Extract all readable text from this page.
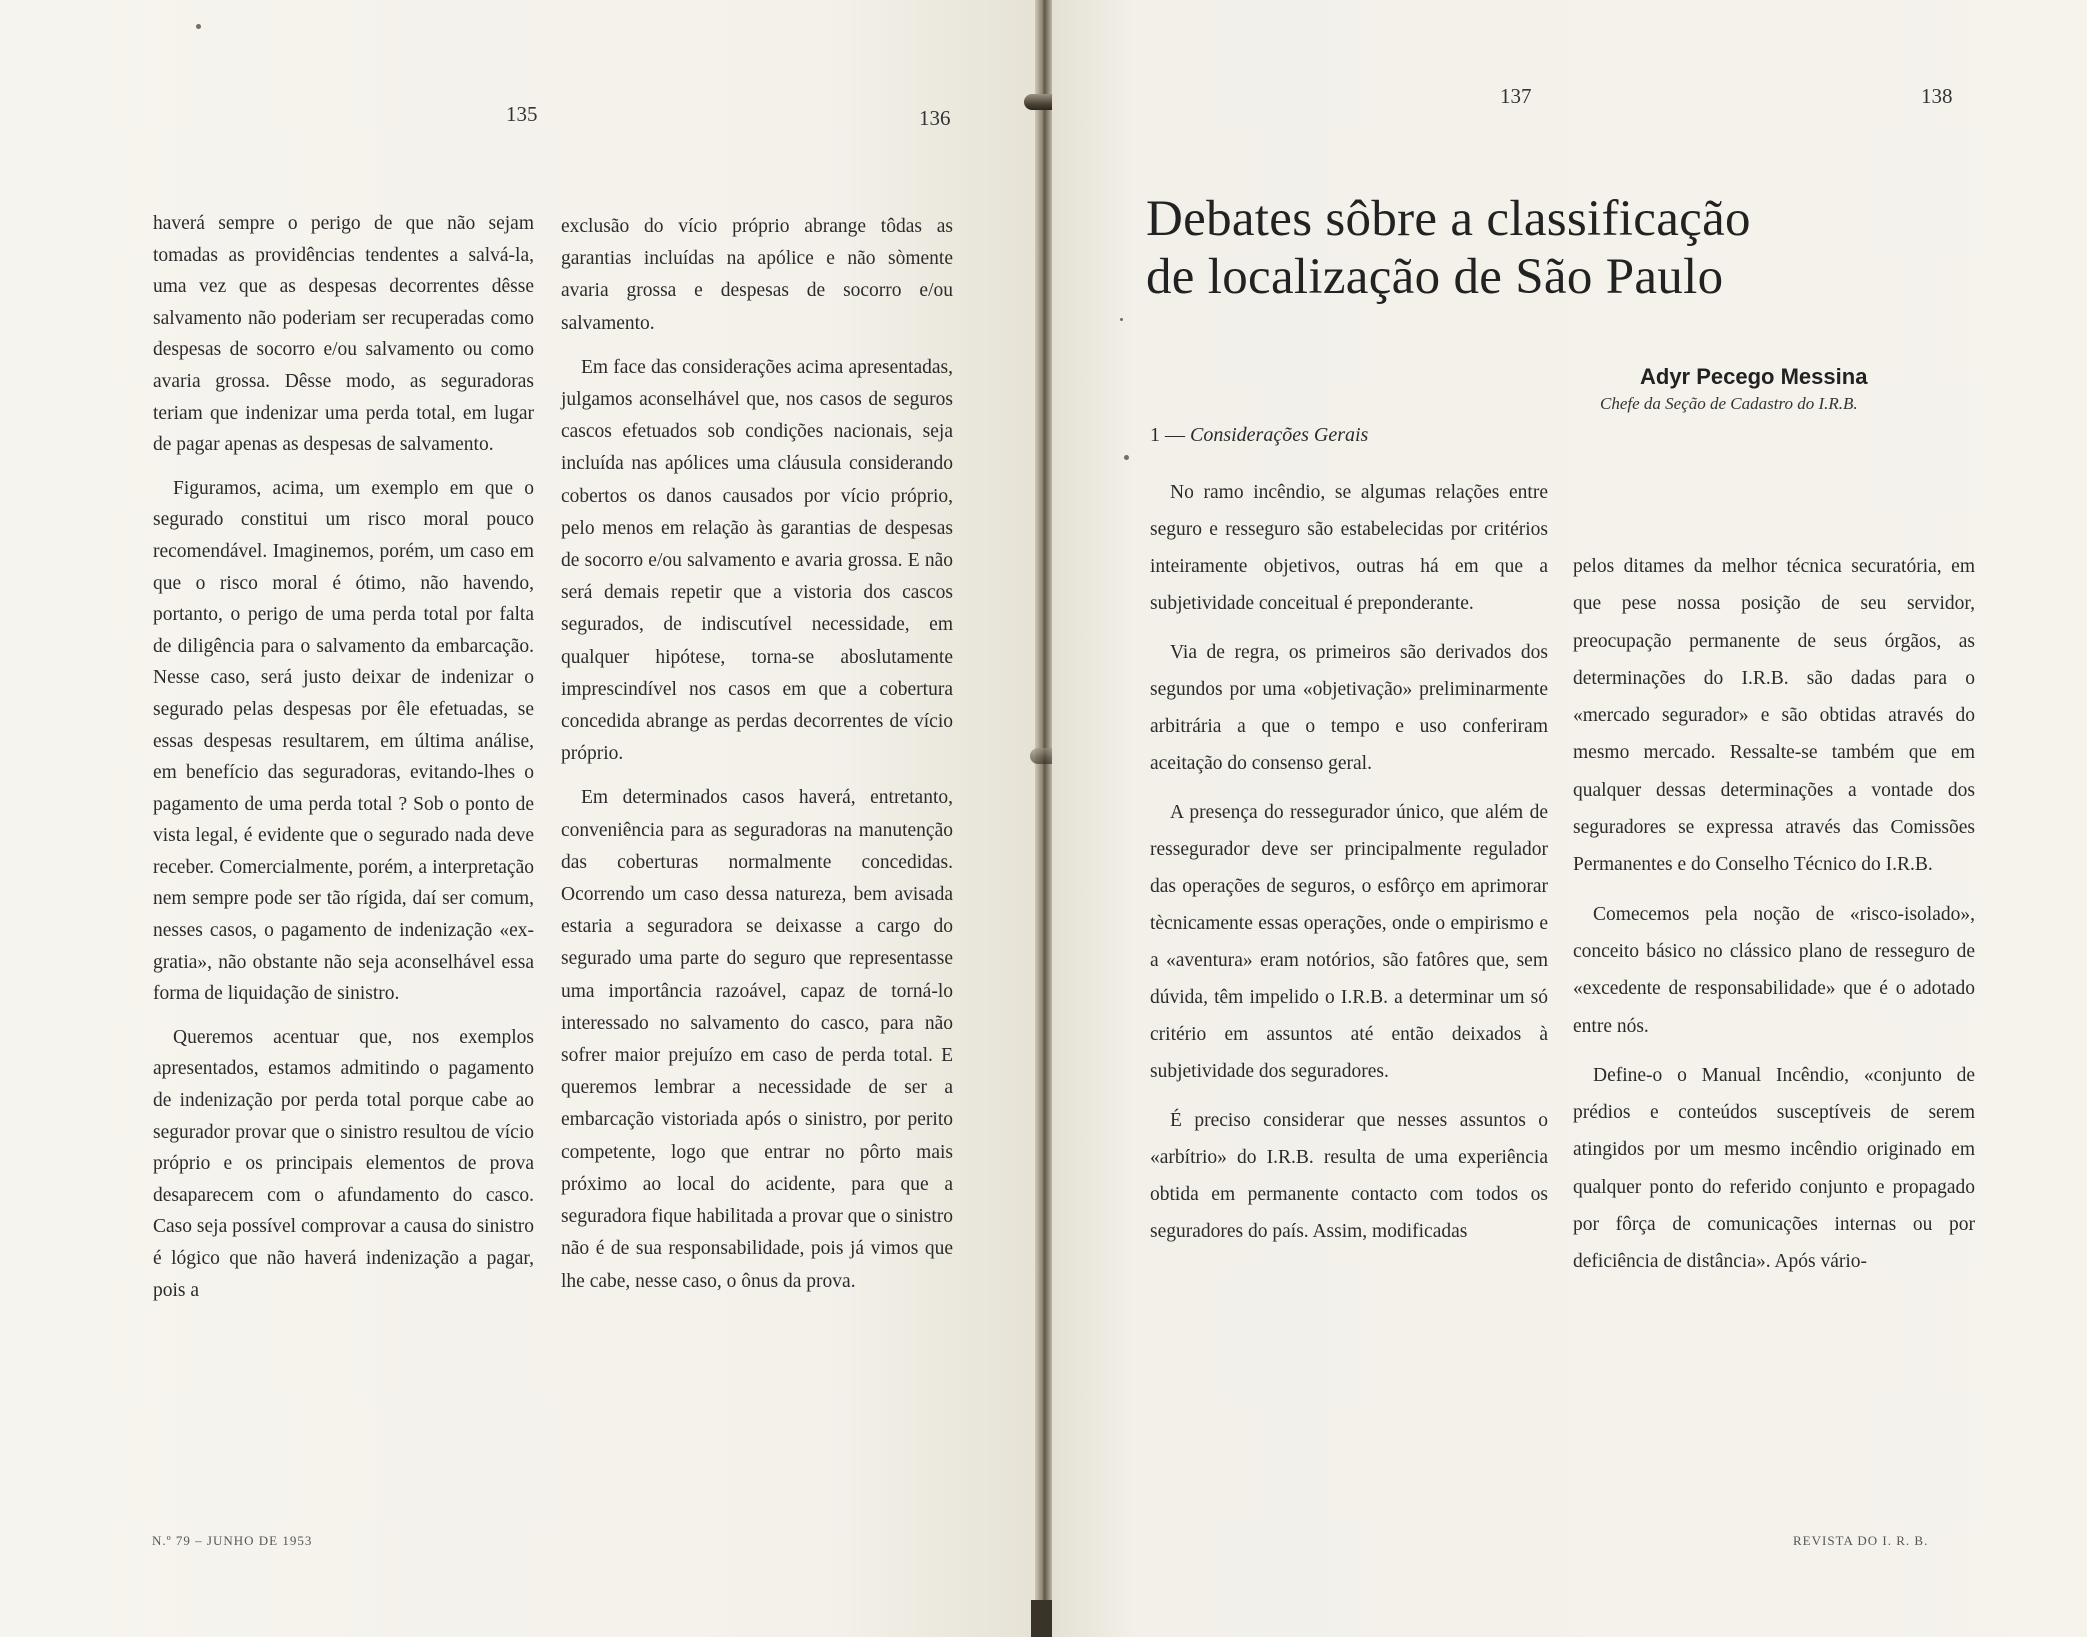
135	136

haverá sempre o perigo de que não sejam tomadas as providências tendentes a salvá-la, uma vez que as despesas decorrentes dêsse salvamento não poderiam ser recuperadas como despesas de socorro e/ou salvamento ou como avaria grossa. Dêsse modo, as seguradoras teriam que indenizar uma perda total, em lugar de pagar apenas as despesas de salvamento.

Figuramos, acima, um exemplo em que o segurado constitui um risco moral pouco recomendável. Imaginemos, porém, um caso em que o risco moral é ótimo, não havendo, portanto, o perigo de uma perda total por falta de diligência para o salvamento da embarcação. Nesse caso, será justo deixar de indenizar o segurado pelas despesas por êle efetuadas, se essas despesas resultarem, em última análise, em benefício das seguradoras, evitando-lhes o pagamento de uma perda total ? Sob o ponto de vista legal, é evidente que o segurado nada deve receber. Comercialmente, porém, a interpretação nem sempre pode ser tão rígida, daí ser comum, nesses casos, o pagamento de indenização «ex-gratia», não obstante não seja aconselhável essa forma de liquidação de sinistro.

Queremos acentuar que, nos exemplos apresentados, estamos admitindo o pagamento de indenização por perda total porque cabe ao segurador provar que o sinistro resultou de vício próprio e os principais elementos de prova desaparecem com o afundamento do casco. Caso seja possível comprovar a causa do sinistro é lógico que não haverá indenização a pagar, pois a

exclusão do vício próprio abrange tôdas as garantias incluídas na apólice e não sòmente avaria grossa e despesas de socorro e/ou salvamento.

Em face das considerações acima apresentadas, julgamos aconselhável que, nos casos de seguros cascos efetuados sob condições nacionais, seja incluída nas apólices uma cláusula considerando cobertos os danos causados por vício próprio, pelo menos em relação às garantias de despesas de socorro e/ou salvamento e avaria grossa. E não será demais repetir que a vistoria dos cascos segurados, de indiscutível necessidade, em qualquer hipótese, torna-se aboslutamente imprescindível nos casos em que a cobertura concedida abrange as perdas decorrentes de vício próprio.

Em determinados casos haverá, entretanto, conveniência para as seguradoras na manutenção das coberturas normalmente concedidas. Ocorrendo um caso dessa natureza, bem avisada estaria a seguradora se deixasse a cargo do segurado uma parte do seguro que representasse uma importância razoável, capaz de torná-lo interessado no salvamento do casco, para não sofrer maior prejuízo em caso de perda total. E queremos lembrar a necessidade de ser a embarcação vistoriada após o sinistro, por perito competente, logo que entrar no pôrto mais próximo ao local do acidente, para que a seguradora fique habilitada a provar que o sinistro não é de sua responsabilidade, pois já vimos que lhe cabe, nesse caso, o ônus da prova.

N.º 79 – JUNHO DE 1953
137	138
Debates sôbre a classificação
de localização de São Paulo
Adyr Pecego Messina
Chefe da Seção de Cadastro do I.R.B.
1 — Considerações Gerais

No ramo incêndio, se algumas relações entre seguro e resseguro são estabelecidas por critérios inteiramente objetivos, outras há em que a subjetividade conceitual é preponderante.

Via de regra, os primeiros são derivados dos segundos por uma «objetivação» preliminarmente arbitrária a que o tempo e uso conferiram aceitação do consenso geral.

A presença do ressegurador único, que além de ressegurador deve ser principalmente regulador das operações de seguros, o esfôrço em aprimorar tècnicamente essas operações, onde o empirismo e a «aventura» eram notórios, são fatôres que, sem dúvida, têm impelido o I.R.B. a determinar um só critério em assuntos até então deixados à subjetividade dos seguradores.

É preciso considerar que nesses assuntos o «arbítrio» do I.R.B. resulta de uma experiência obtida em permanente contacto com todos os seguradores do país. Assim, modificadas

pelos ditames da melhor técnica securatória, em que pese nossa posição de seu servidor, preocupação permanente de seus órgãos, as determinações do I.R.B. são dadas para o «mercado segurador» e são obtidas através do mesmo mercado. Ressalte-se também que em qualquer dessas determinações a vontade dos seguradores se expressa através das Comissões Permanentes e do Conselho Técnico do I.R.B.

Comecemos pela noção de «risco-isolado», conceito básico no clássico plano de resseguro de «excedente de responsabilidade» que é o adotado entre nós.

Define-o o Manual Incêndio, «conjunto de prédios e conteúdos susceptíveis de serem atingidos por um mesmo incêndio originado em qualquer ponto do referido conjunto e propagado por fôrça de comunicações internas ou por deficiência de distância». Após vário-

REVISTA DO I. R. B.
